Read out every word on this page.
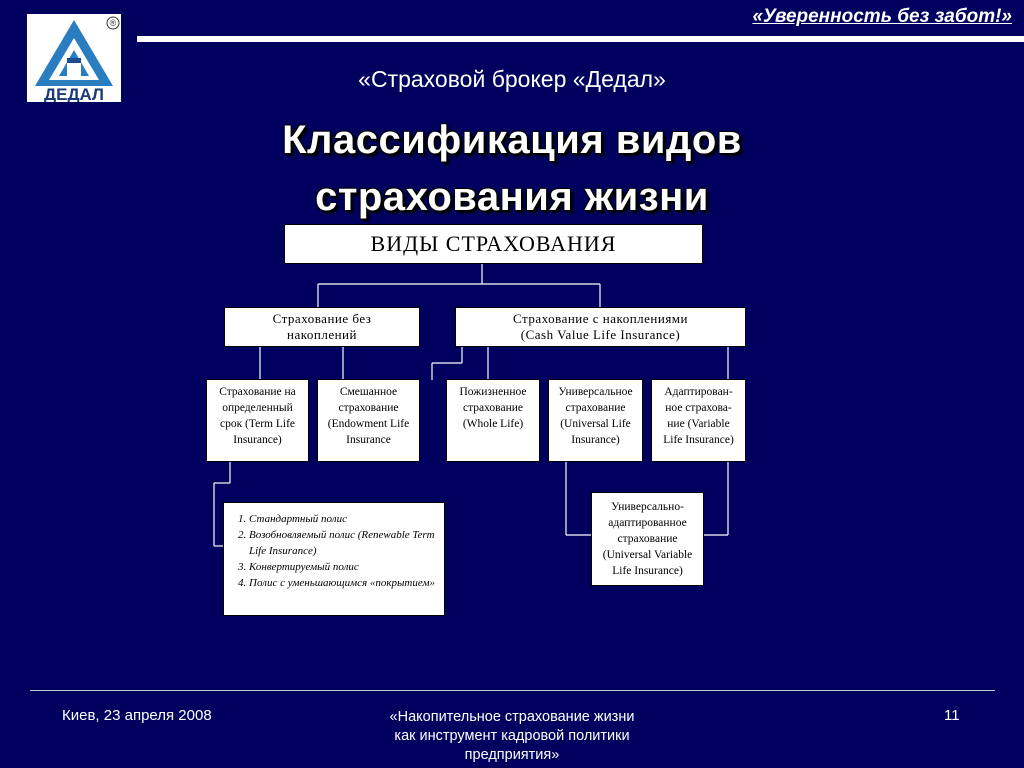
ДЕДАЛ
®	«Уверенность без забот!»
«Страховой брокер «Дедал»
Классификация видов
страхования жизни
ВИДЫ СТРАХОВАНИЯ
Страхование без
накоплений
Страхование с накоплениями
(Cash Value Life Insurance)
Страхование на
определенный
срок (Term Life
Insurance)
Смешанное
страхование
(Endowment Life
Insurance
Пожизненное
страхование
(Whole Life)
Универсальное
страхование
(Universal Life
Insurance)
Адаптирован-
ное страхова-
ние (Variable
Life Insurance)
Универсально-
адаптированное
страхование
(Universal Variable
Life Insurance)
1. Стандартный полис
2. Возобновляемый полис (Renewable Term Life Insurance)
3. Конвертируемый полис
4. Полис с уменьшающимся «покрытием»
Киев, 23 апреля 2008	«Накопительное страхование жизни
как инструмент кадровой политики
предприятия»
11
